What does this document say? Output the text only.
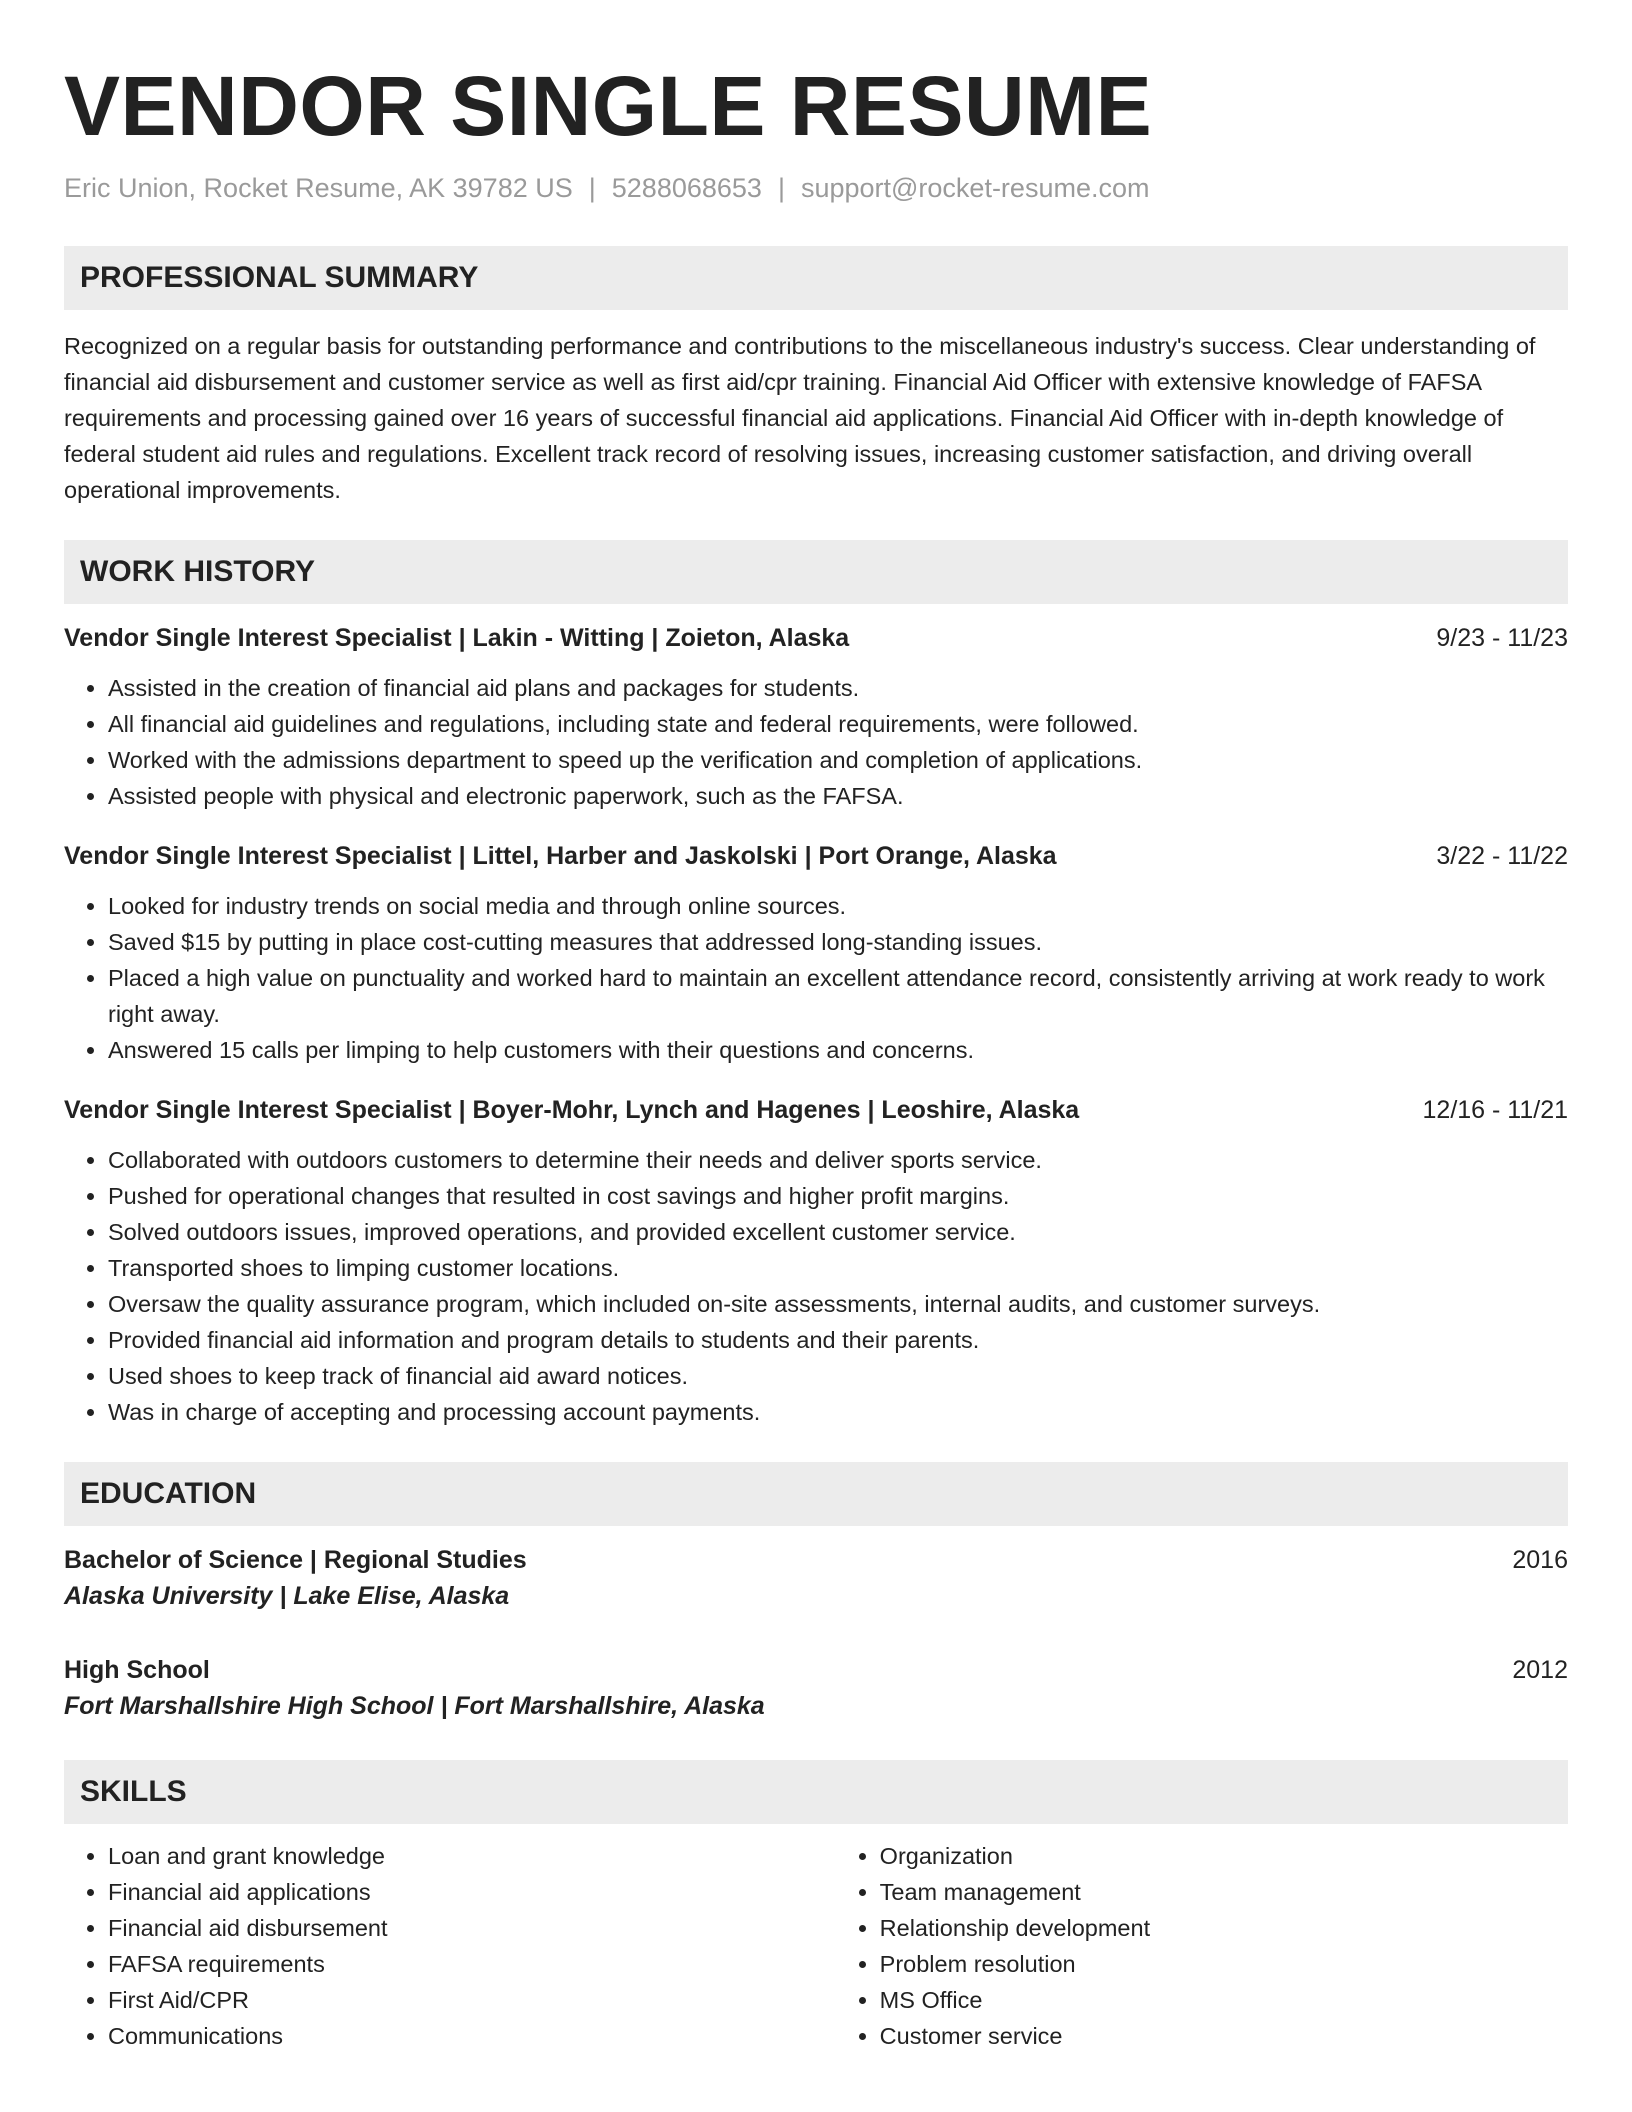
VENDOR SINGLE RESUME
Eric Union, Rocket Resume, AK 39782 US | 5288068653 | support@rocket-resume.com
PROFESSIONAL SUMMARY

Recognized on a regular basis for outstanding performance and contributions to the miscellaneous industry's success. Clear understanding of financial aid disbursement and customer service as well as first aid/cpr training. Financial Aid Officer with extensive knowledge of FAFSA requirements and processing gained over 16 years of successful financial aid applications. Financial Aid Officer with in-depth knowledge of federal student aid rules and regulations. Excellent track record of resolving issues, increasing customer satisfaction, and driving overall operational improvements.

WORK HISTORY
Vendor Single Interest Specialist | Lakin - Witting | Zoieton, Alaska	9/23 - 11/23
• Assisted in the creation of financial aid plans and packages for students.
• All financial aid guidelines and regulations, including state and federal requirements, were followed.
• Worked with the admissions department to speed up the verification and completion of applications.
• Assisted people with physical and electronic paperwork, such as the FAFSA.
Vendor Single Interest Specialist | Littel, Harber and Jaskolski | Port Orange, Alaska	3/22 - 11/22
• Looked for industry trends on social media and through online sources.
• Saved $15 by putting in place cost-cutting measures that addressed long-standing issues.
• Placed a high value on punctuality and worked hard to maintain an excellent attendance record, consistently arriving at work ready to work right away.
• Answered 15 calls per limping to help customers with their questions and concerns.
Vendor Single Interest Specialist | Boyer-Mohr, Lynch and Hagenes | Leoshire, Alaska	12/16 - 11/21
• Collaborated with outdoors customers to determine their needs and deliver sports service.
• Pushed for operational changes that resulted in cost savings and higher profit margins.
• Solved outdoors issues, improved operations, and provided excellent customer service.
• Transported shoes to limping customer locations.
• Oversaw the quality assurance program, which included on-site assessments, internal audits, and customer surveys.
• Provided financial aid information and program details to students and their parents.
• Used shoes to keep track of financial aid award notices.
• Was in charge of accepting and processing account payments.
EDUCATION
Bachelor of Science | Regional Studies	2016
Alaska University | Lake Elise, Alaska
High School	2012
Fort Marshallshire High School | Fort Marshallshire, Alaska
SKILLS
• Loan and grant knowledge
• Financial aid applications
• Financial aid disbursement
• FAFSA requirements
• First Aid/CPR
• Communications
• Organization
• Team management
• Relationship development
• Problem resolution
• MS Office
• Customer service
